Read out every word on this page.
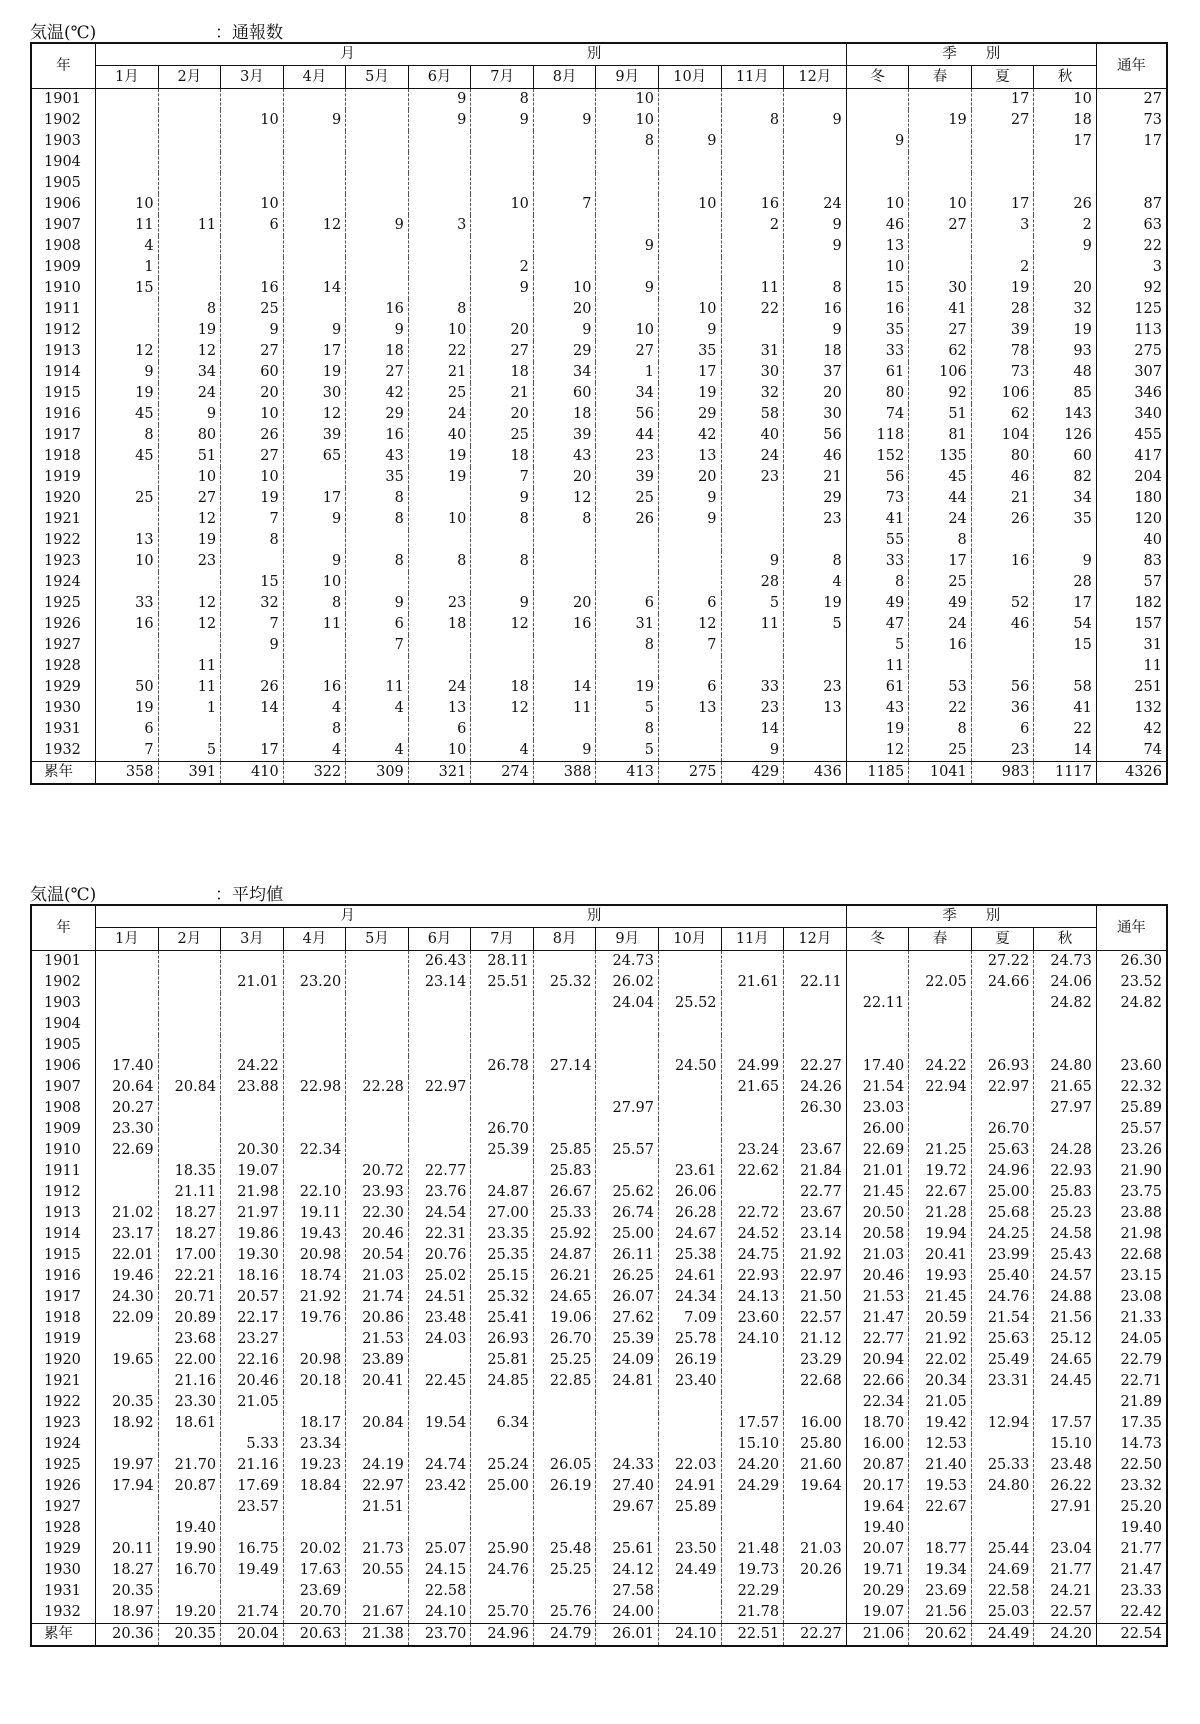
気温(℃)	：通報数
年	月　　　　　　　　　　　　　　　　別												季　　別				通年
	1月	2月	3月	4月	5月	6月	7月	8月	9月	10月	11月	12月	冬	春	夏	秋	
1901						9	8		10						17	10	27
1902			10	9		9	9	9	10		8	9		19	27	18	73
1903									8	9			9			17	17
1904																	
1905																	
1906	10		10				10	7		10	16	24	10	10	17	26	87
1907	11	11	6	12	9	3					2	9	46	27	3	2	63
1908	4								9			9	13			9	22
1909	1						2						10		2		3
1910	15		16	14			9	10	9		11	8	15	30	19	20	92
1911		8	25		16	8		20		10	22	16	16	41	28	32	125
1912		19	9	9	9	10	20	9	10	9		9	35	27	39	19	113
1913	12	12	27	17	18	22	27	29	27	35	31	18	33	62	78	93	275
1914	9	34	60	19	27	21	18	34	1	17	30	37	61	106	73	48	307
1915	19	24	20	30	42	25	21	60	34	19	32	20	80	92	106	85	346
1916	45	9	10	12	29	24	20	18	56	29	58	30	74	51	62	143	340
1917	8	80	26	39	16	40	25	39	44	42	40	56	118	81	104	126	455
1918	45	51	27	65	43	19	18	43	23	13	24	46	152	135	80	60	417
1919		10	10		35	19	7	20	39	20	23	21	56	45	46	82	204
1920	25	27	19	17	8		9	12	25	9		29	73	44	21	34	180
1921		12	7	9	8	10	8	8	26	9		23	41	24	26	35	120
1922	13	19	8										55	8			40
1923	10	23		9	8	8	8				9	8	33	17	16	9	83
1924			15	10							28	4	8	25		28	57
1925	33	12	32	8	9	23	9	20	6	6	5	19	49	49	52	17	182
1926	16	12	7	11	6	18	12	16	31	12	11	5	47	24	46	54	157
1927			9		7				8	7			5	16		15	31
1928		11											11				11
1929	50	11	26	16	11	24	18	14	19	6	33	23	61	53	56	58	251
1930	19	1	14	4	4	13	12	11	5	13	23	13	43	22	36	41	132
1931	6			8		6			8		14		19	8	6	22	42
1932	7	5	17	4	4	10	4	9	5		9		12	25	23	14	74
累年	358	391	410	322	309	321	274	388	413	275	429	436	1185	1041	983	1117	4326
気温(℃)	：平均値
年	月　　　　　　　　　　　　　　　　別												季　　別				通年
	1月	2月	3月	4月	5月	6月	7月	8月	9月	10月	11月	12月	冬	春	夏	秋	
1901						26.43	28.11		24.73						27.22	24.73	26.30
1902			21.01	23.20		23.14	25.51	25.32	26.02		21.61	22.11		22.05	24.66	24.06	23.52
1903									24.04	25.52			22.11			24.82	24.82
1904																	
1905																	
1906	17.40		24.22				26.78	27.14		24.50	24.99	22.27	17.40	24.22	26.93	24.80	23.60
1907	20.64	20.84	23.88	22.98	22.28	22.97					21.65	24.26	21.54	22.94	22.97	21.65	22.32
1908	20.27								27.97			26.30	23.03			27.97	25.89
1909	23.30						26.70						26.00		26.70		25.57
1910	22.69		20.30	22.34			25.39	25.85	25.57		23.24	23.67	22.69	21.25	25.63	24.28	23.26
1911		18.35	19.07		20.72	22.77		25.83		23.61	22.62	21.84	21.01	19.72	24.96	22.93	21.90
1912		21.11	21.98	22.10	23.93	23.76	24.87	26.67	25.62	26.06		22.77	21.45	22.67	25.00	25.83	23.75
1913	21.02	18.27	21.97	19.11	22.30	24.54	27.00	25.33	26.74	26.28	22.72	23.67	20.50	21.28	25.68	25.23	23.88
1914	23.17	18.27	19.86	19.43	20.46	22.31	23.35	25.92	25.00	24.67	24.52	23.14	20.58	19.94	24.25	24.58	21.98
1915	22.01	17.00	19.30	20.98	20.54	20.76	25.35	24.87	26.11	25.38	24.75	21.92	21.03	20.41	23.99	25.43	22.68
1916	19.46	22.21	18.16	18.74	21.03	25.02	25.15	26.21	26.25	24.61	22.93	22.97	20.46	19.93	25.40	24.57	23.15
1917	24.30	20.71	20.57	21.92	21.74	24.51	25.32	24.65	26.07	24.34	24.13	21.50	21.53	21.45	24.76	24.88	23.08
1918	22.09	20.89	22.17	19.76	20.86	23.48	25.41	19.06	27.62	7.09	23.60	22.57	21.47	20.59	21.54	21.56	21.33
1919		23.68	23.27		21.53	24.03	26.93	26.70	25.39	25.78	24.10	21.12	22.77	21.92	25.63	25.12	24.05
1920	19.65	22.00	22.16	20.98	23.89		25.81	25.25	24.09	26.19		23.29	20.94	22.02	25.49	24.65	22.79
1921		21.16	20.46	20.18	20.41	22.45	24.85	22.85	24.81	23.40		22.68	22.66	20.34	23.31	24.45	22.71
1922	20.35	23.30	21.05										22.34	21.05			21.89
1923	18.92	18.61		18.17	20.84	19.54	6.34				17.57	16.00	18.70	19.42	12.94	17.57	17.35
1924			5.33	23.34							15.10	25.80	16.00	12.53		15.10	14.73
1925	19.97	21.70	21.16	19.23	24.19	24.74	25.24	26.05	24.33	22.03	24.20	21.60	20.87	21.40	25.33	23.48	22.50
1926	17.94	20.87	17.69	18.84	22.97	23.42	25.00	26.19	27.40	24.91	24.29	19.64	20.17	19.53	24.80	26.22	23.32
1927			23.57		21.51				29.67	25.89			19.64	22.67		27.91	25.20
1928		19.40											19.40				19.40
1929	20.11	19.90	16.75	20.02	21.73	25.07	25.90	25.48	25.61	23.50	21.48	21.03	20.07	18.77	25.44	23.04	21.77
1930	18.27	16.70	19.49	17.63	20.55	24.15	24.76	25.25	24.12	24.49	19.73	20.26	19.71	19.34	24.69	21.77	21.47
1931	20.35			23.69		22.58			27.58		22.29		20.29	23.69	22.58	24.21	23.33
1932	18.97	19.20	21.74	20.70	21.67	24.10	25.70	25.76	24.00		21.78		19.07	21.56	25.03	22.57	22.42
累年	20.36	20.35	20.04	20.63	21.38	23.70	24.96	24.79	26.01	24.10	22.51	22.27	21.06	20.62	24.49	24.20	22.54
